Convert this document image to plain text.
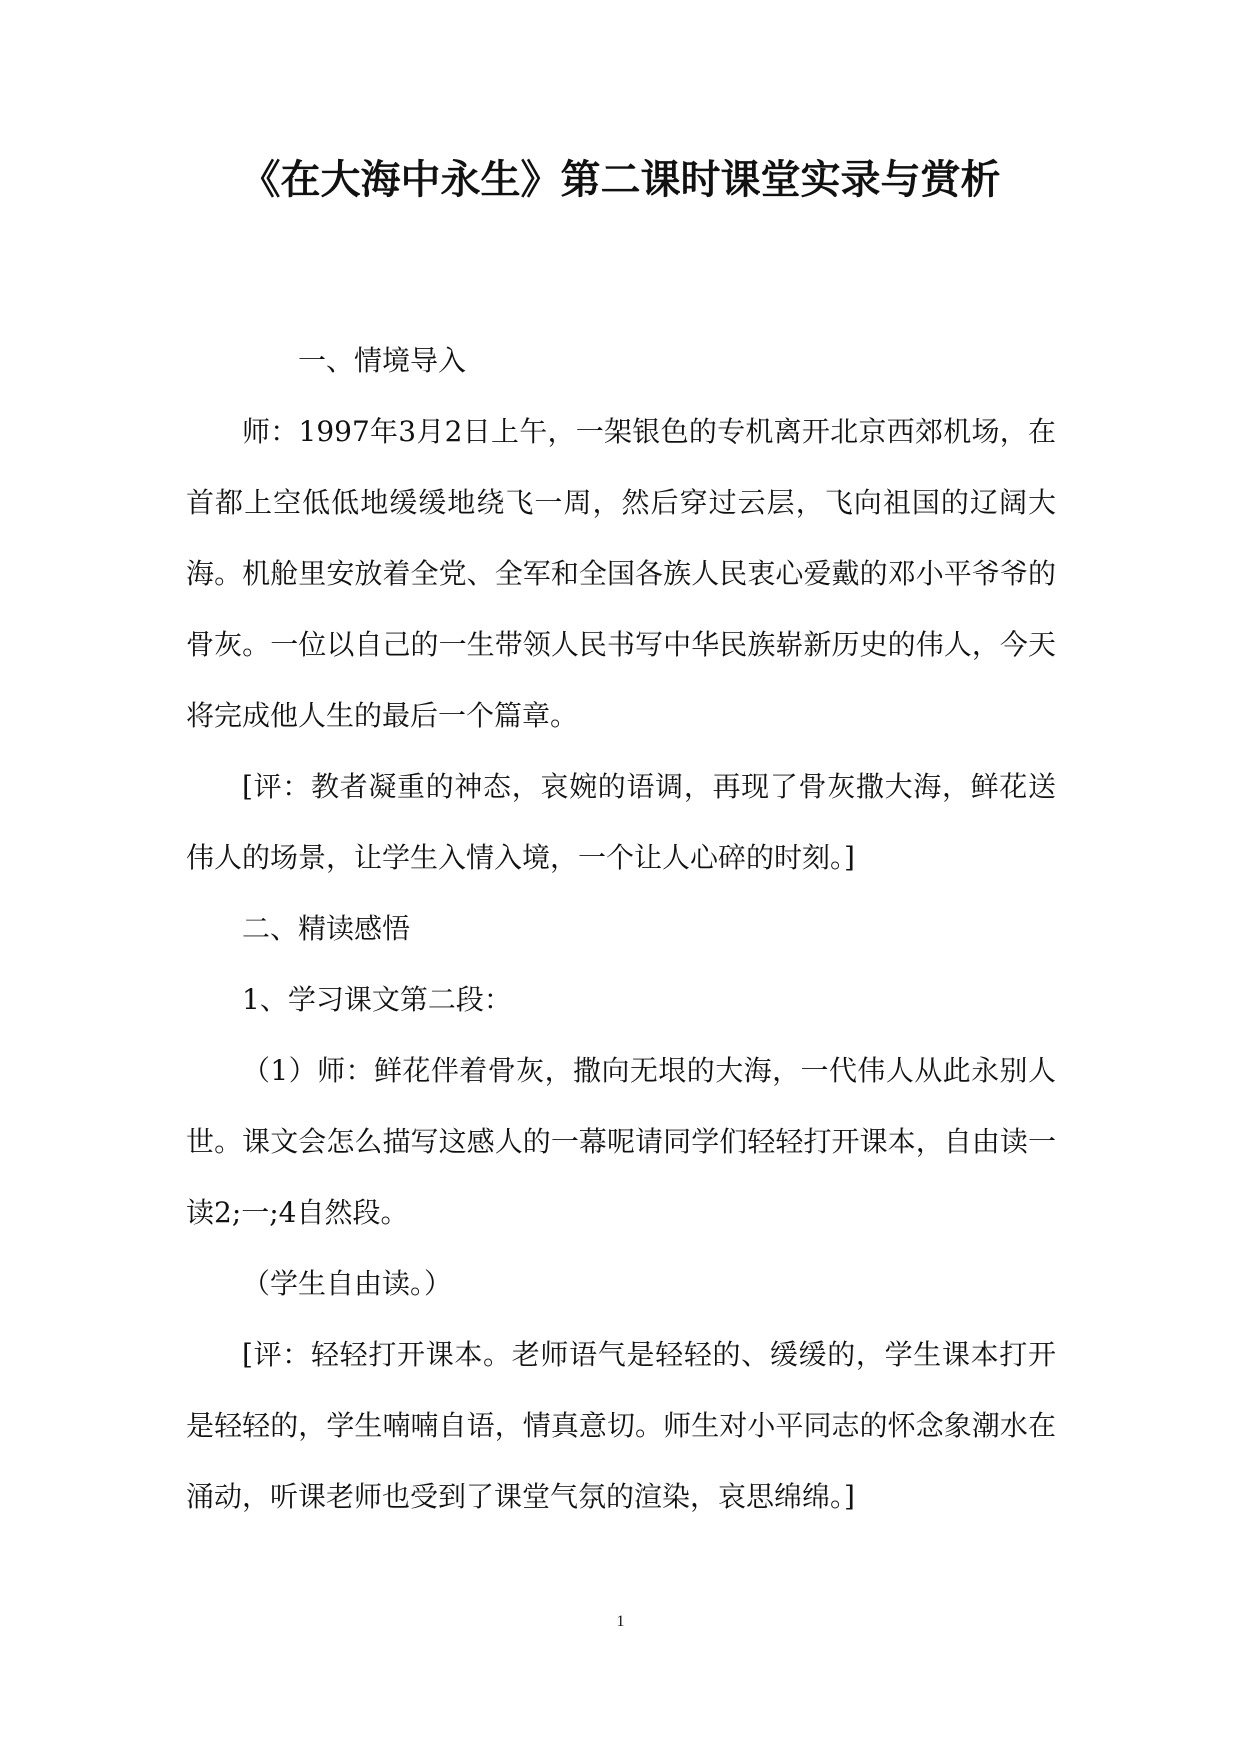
《在大海中永生》第二课时课堂实录与赏析

一、情境导入

师：1997年3月2日上午，一架银色的专机离开北京西郊机场，在首都上空低低地缓缓地绕飞一周，然后穿过云层，飞向祖国的辽阔大海。机舱里安放着全党、全军和全国各族人民衷心爱戴的邓小平爷爷的骨灰。一位以自己的一生带领人民书写中华民族崭新历史的伟人，今天将完成他人生的最后一个篇章。

[评：教者凝重的神态，哀婉的语调，再现了骨灰撒大海，鲜花送伟人的场景，让学生入情入境，一个让人心碎的时刻。]

二、精读感悟

1、学习课文第二段：

（1）师：鲜花伴着骨灰，撒向无垠的大海，一代伟人从此永别人世。课文会怎么描写这感人的一幕呢请同学们轻轻打开课本，自由读一读2;一;4自然段。

（学生自由读。）

[评：轻轻打开课本。老师语气是轻轻的、缓缓的，学生课本打开是轻轻的，学生喃喃自语，情真意切。师生对小平同志的怀念象潮水在涌动，听课老师也受到了课堂气氛的渲染，哀思绵绵。]

1
